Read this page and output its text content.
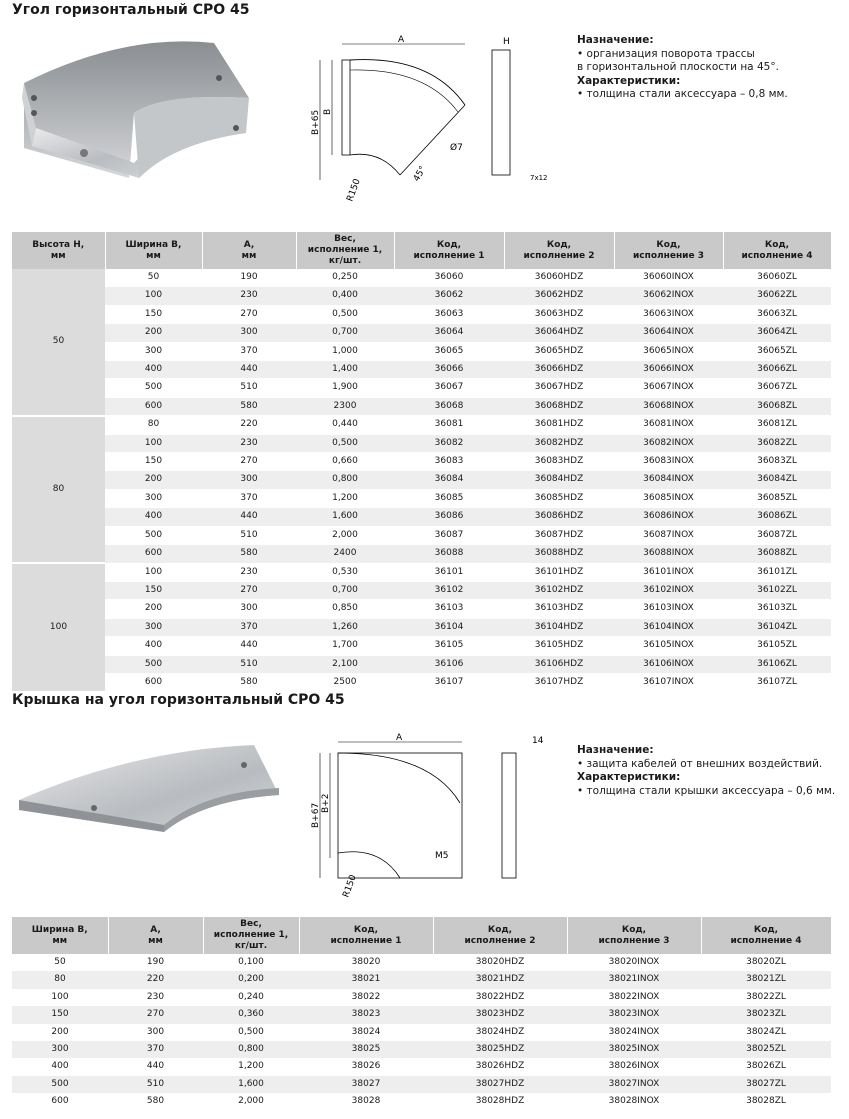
Угол горизонтальный СРО 45
A
B+65 B
Ø7
45°
R150
H
7x12
Назначение:
• организация поворота трассы
в горизонтальной плоскости на 45°.
Характеристики:
• толщина стали аксессуара – 0,8 мм.
Высота H,
мм	Ширина B,
мм	A,
мм	Вес,
исполнение 1,
кг/шт.	Код,
исполнение 1	Код,
исполнение 2	Код,
исполнение 3	Код,
исполнение 4
50	50	190	0,250	36060	36060HDZ	36060INOX	36060ZL
	100	230	0,400	36062	36062HDZ	36062INOX	36062ZL
	150	270	0,500	36063	36063HDZ	36063INOX	36063ZL
	200	300	0,700	36064	36064HDZ	36064INOX	36064ZL
	300	370	1,000	36065	36065HDZ	36065INOX	36065ZL
	400	440	1,400	36066	36066HDZ	36066INOX	36066ZL
	500	510	1,900	36067	36067HDZ	36067INOX	36067ZL
	600	580	2300	36068	36068HDZ	36068INOX	36068ZL
80	80	220	0,440	36081	36081HDZ	36081INOX	36081ZL
	100	230	0,500	36082	36082HDZ	36082INOX	36082ZL
	150	270	0,660	36083	36083HDZ	36083INOX	36083ZL
	200	300	0,800	36084	36084HDZ	36084INOX	36084ZL
	300	370	1,200	36085	36085HDZ	36085INOX	36085ZL
	400	440	1,600	36086	36086HDZ	36086INOX	36086ZL
	500	510	2,000	36087	36087HDZ	36087INOX	36087ZL
	600	580	2400	36088	36088HDZ	36088INOX	36088ZL
100	100	230	0,530	36101	36101HDZ	36101INOX	36101ZL
	150	270	0,700	36102	36102HDZ	36102INOX	36102ZL
	200	300	0,850	36103	36103HDZ	36103INOX	36103ZL
	300	370	1,260	36104	36104HDZ	36104INOX	36104ZL
	400	440	1,700	36105	36105HDZ	36105INOX	36105ZL
	500	510	2,100	36106	36106HDZ	36106INOX	36106ZL
	600	580	2500	36107	36107HDZ	36107INOX	36107ZL
Крышка на угол горизонтальный СРО 45
A
B+67 B+2
M5
R150
14
Назначение:
• защита кабелей от внешних воздействий.
Характеристики:
• толщина стали крышки аксессуара – 0,6 мм.
Ширина B,
мм	A,
мм	Вес,
исполнение 1,
кг/шт.	Код,
исполнение 1	Код,
исполнение 2	Код,
исполнение 3	Код,
исполнение 4
50	190	0,100	38020	38020HDZ	38020INOX	38020ZL
80	220	0,200	38021	38021HDZ	38021INOX	38021ZL
100	230	0,240	38022	38022HDZ	38022INOX	38022ZL
150	270	0,360	38023	38023HDZ	38023INOX	38023ZL
200	300	0,500	38024	38024HDZ	38024INOX	38024ZL
300	370	0,800	38025	38025HDZ	38025INOX	38025ZL
400	440	1,200	38026	38026HDZ	38026INOX	38026ZL
500	510	1,600	38027	38027HDZ	38027INOX	38027ZL
600	580	2,000	38028	38028HDZ	38028INOX	38028ZL
